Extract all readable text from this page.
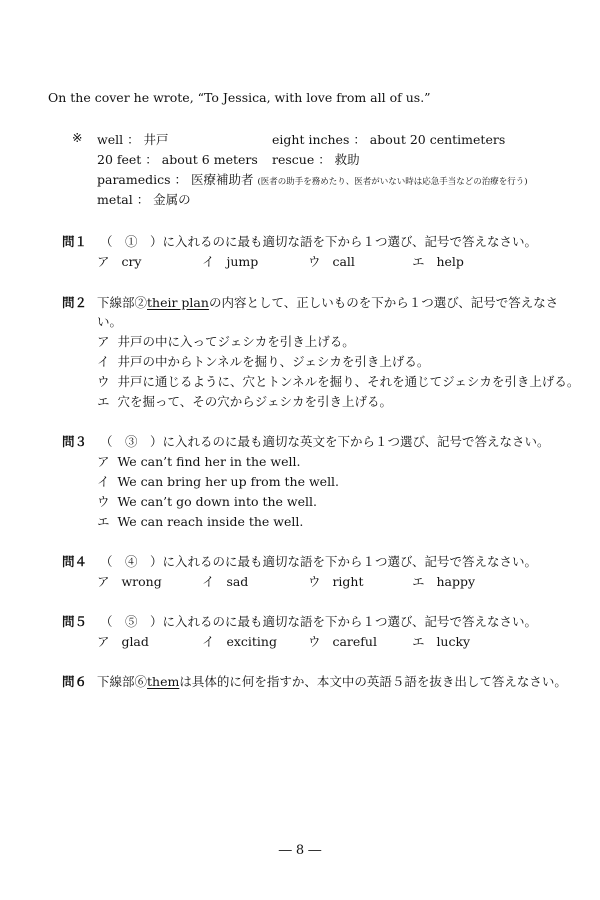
On the cover he wrote, “To Jessica, with love from all of us.”
※ well ： 井戸	eight inches ： about 20 centimeters
20 feet ： about 6 meters rescue ： 救助
paramedics ： 医療補助者 (医者の助手を務めたり、医者がいない時は応急手当などの治療を行う)
metal ： 金属の
問１ （　①　）に入れるのに最も適切な語を下から１つ選び、記号で答えなさい。
ア cry	イ jump	ウ call	エ help
問２ 下線部②their planの内容として、正しいものを下から１つ選び、記号で答えなさ
い。
ア 井戸の中に入ってジェシカを引き上げる。
イ 井戸の中からトンネルを掘り、ジェシカを引き上げる。
ウ 井戸に通じるように、穴とトンネルを掘り、それを通じてジェシカを引き上げる。
エ 穴を掘って、その穴からジェシカを引き上げる。
問３ （　③　）に入れるのに最も適切な英文を下から１つ選び、記号で答えなさい。
ア We can’t find her in the well.
イ We can bring her up from the well.
ウ We can’t go down into the well.
エ We can reach inside the well.
問４ （　④　）に入れるのに最も適切な語を下から１つ選び、記号で答えなさい。
ア wrong	イ sad	ウ right	エ happy
問５ （　⑤　）に入れるのに最も適切な語を下から１つ選び、記号で答えなさい。
ア glad	イ exciting ウ careful	エ lucky
問６ 下線部⑥themは具体的に何を指すか、本文中の英語５語を抜き出して答えなさい。
― 8 ―
